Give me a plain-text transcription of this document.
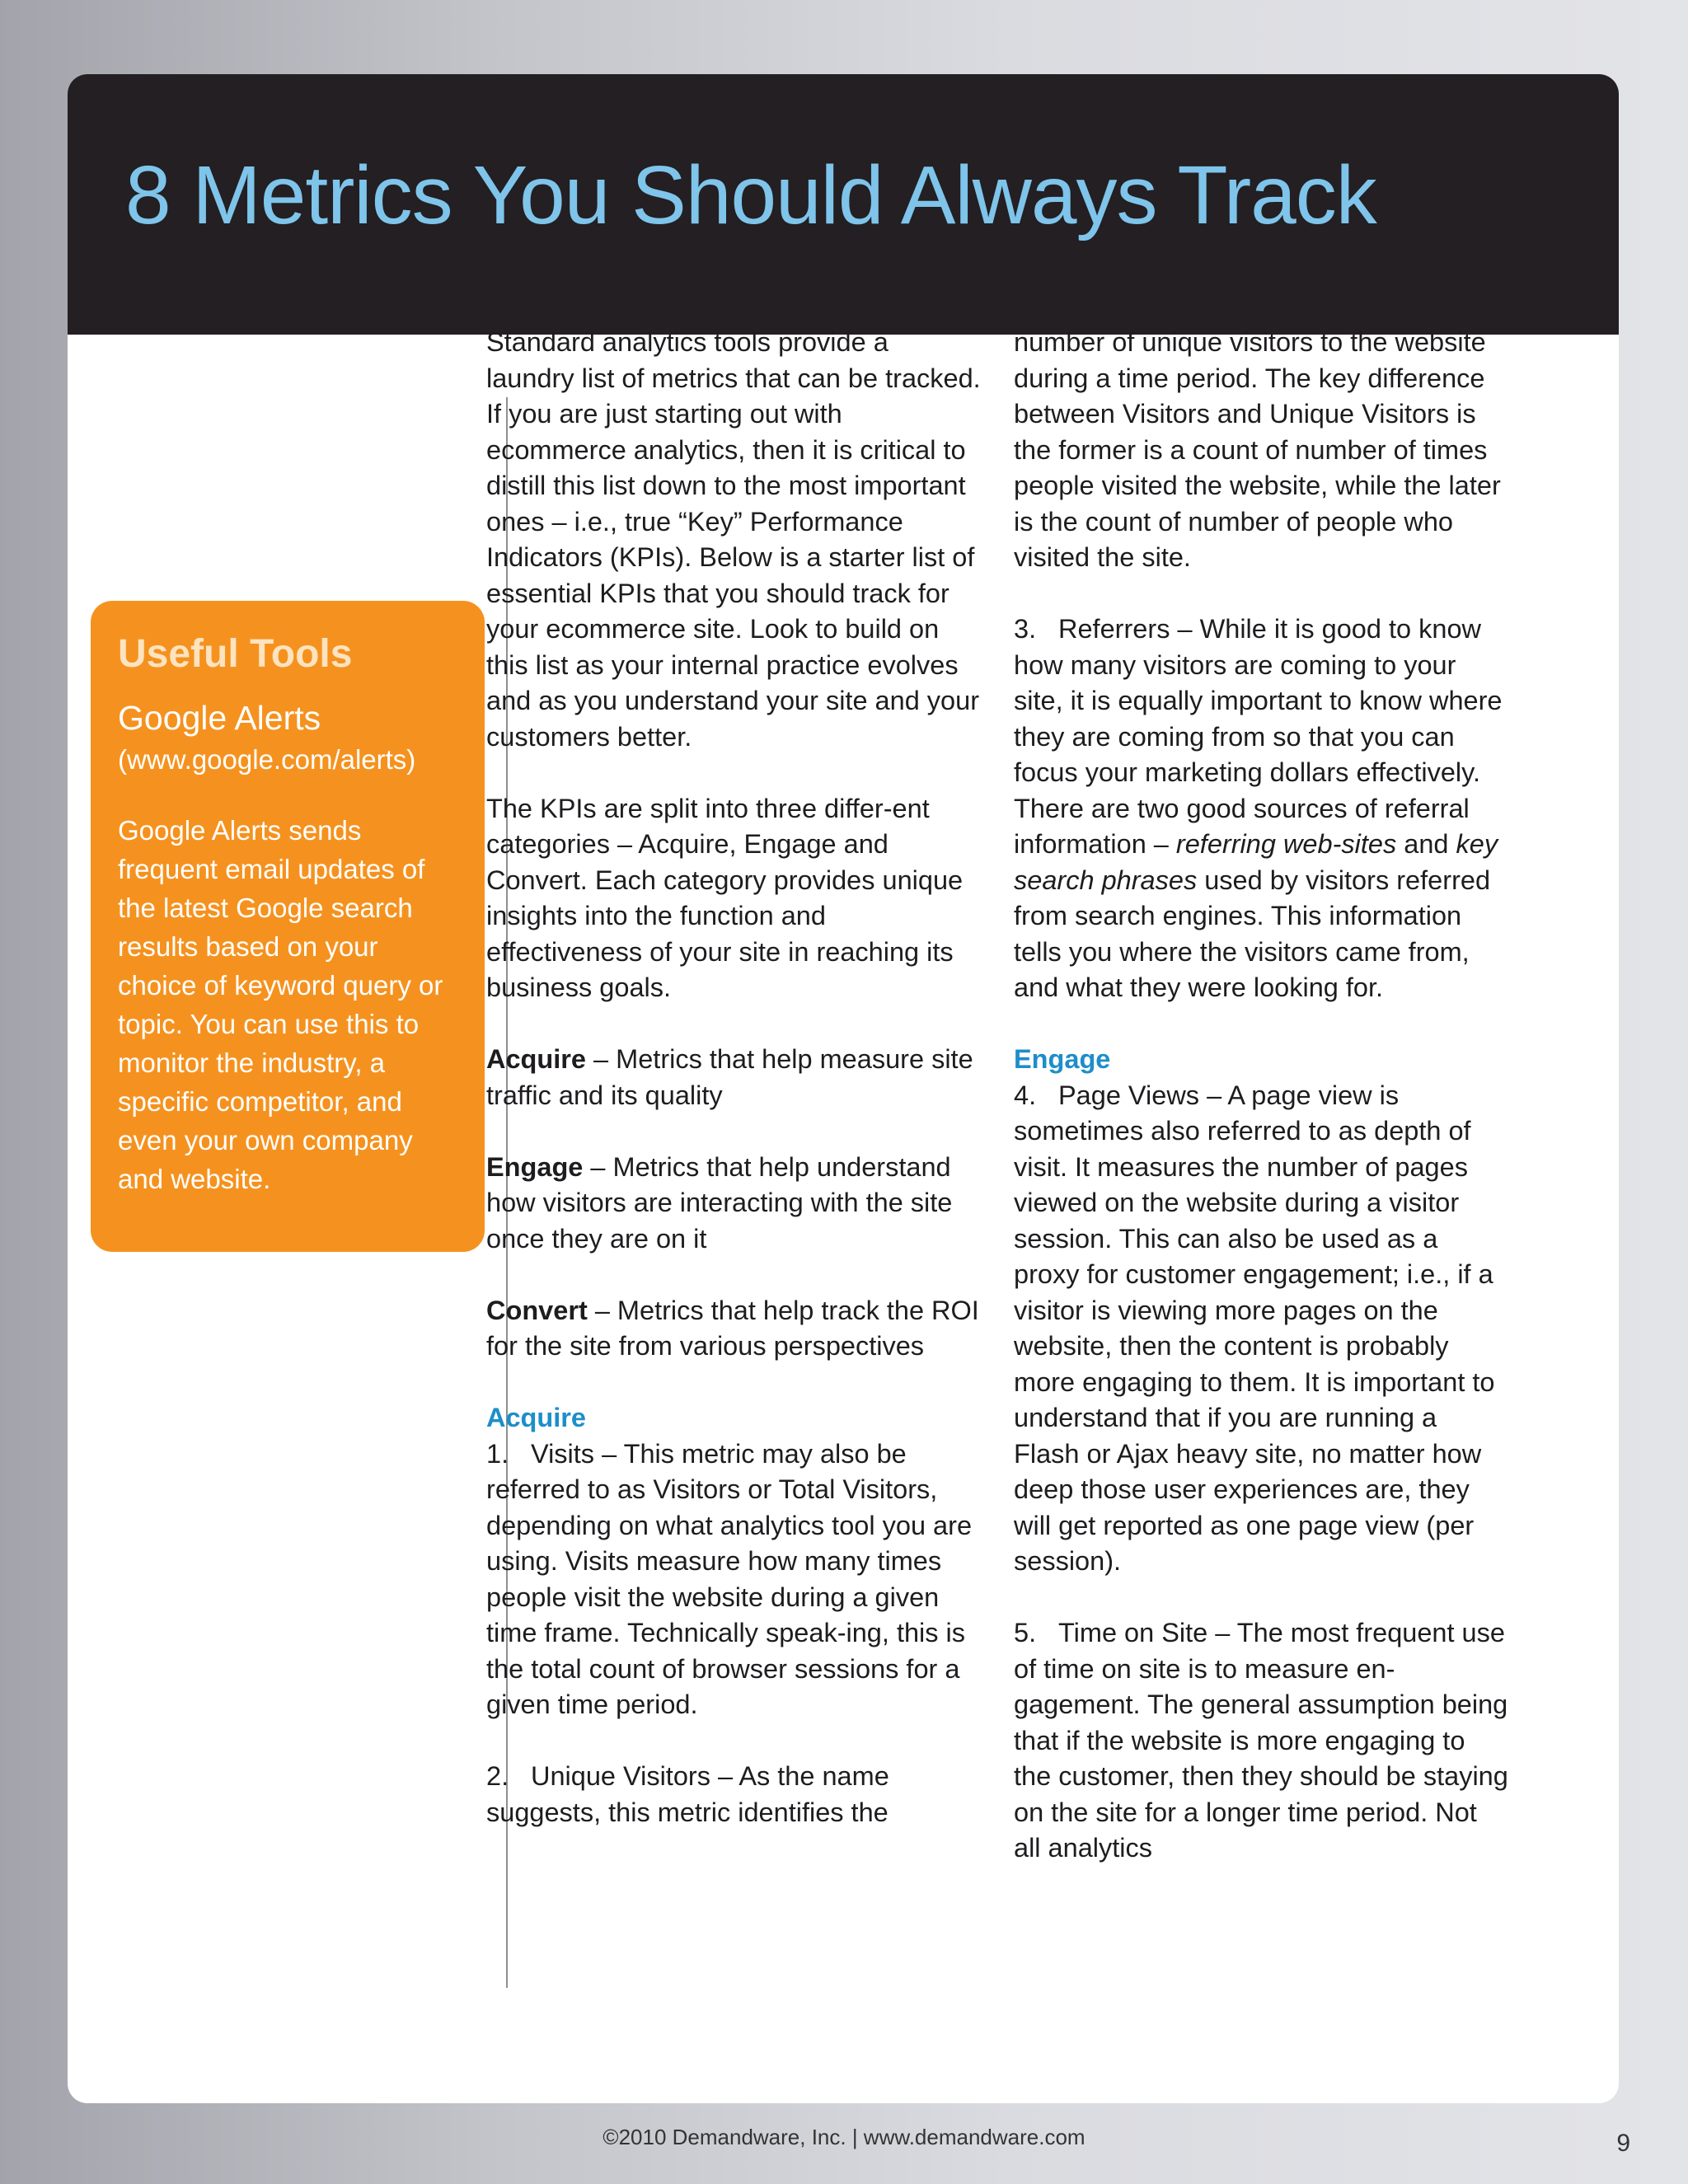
8 Metrics You Should Always Track
Useful Tools

Google Alerts

(www.google.com/alerts)

Google Alerts sends frequent email updates of the latest Google search results based on your choice of keyword query or topic. You can use this to monitor the industry, a specific competitor, and even your own company and website.

Standard analytics tools provide a laundry list of metrics that can be tracked. If you are just starting out with ecommerce analytics, then it is critical to distill this list down to the most important ones – i.e., true “Key” Performance Indicators (KPIs). Below is a starter list of essential KPIs that you should track for your ecommerce site. Look to build on this list as your internal practice evolves and as you understand your site and your customers better.

The KPIs are split into three differ-ent categories – Acquire, Engage and Convert. Each category provides unique insights into the function and effectiveness of your site in reaching its business goals.

Acquire – Metrics that help measure site traffic and its quality

Engage – Metrics that help understand how visitors are interacting with the site once they are on it

Convert – Metrics that help track the ROI for the site from various perspectives

Acquire
1. Visits – This metric may also be referred to as Visitors or Total Visitors, depending on what analytics tool you are using. Visits measure how many times people visit the website during a given time frame. Technically speak-ing, this is the total count of browser sessions for a given time period.

2. Unique Visitors – As the name suggests, this metric identifies the

number of unique visitors to the website during a time period. The key difference between Visitors and Unique Visitors is the former is a count of number of times people visited the website, while the later is the count of number of people who visited the site.

3. Referrers – While it is good to know how many visitors are coming to your site, it is equally important to know where they are coming from so that you can focus your marketing dollars effectively. There are two good sources of referral information – referring web-sites and key search phrases used by visitors referred from search engines. This information tells you where the visitors came from, and what they were looking for.

Engage
4. Page Views – A page view is sometimes also referred to as depth of visit. It measures the number of pages viewed on the website during a visitor session. This can also be used as a proxy for customer engagement; i.e., if a visitor is viewing more pages on the website, then the content is probably more engaging to them. It is important to understand that if you are running a Flash or Ajax heavy site, no matter how deep those user experiences are, they will get reported as one page view (per session).

5. Time on Site – The most frequent use of time on site is to measure en-gagement. The general assumption being that if the website is more engaging to the customer, then they should be staying on the site for a longer time period. Not all analytics

©2010 Demandware, Inc. | www.demandware.com	9
